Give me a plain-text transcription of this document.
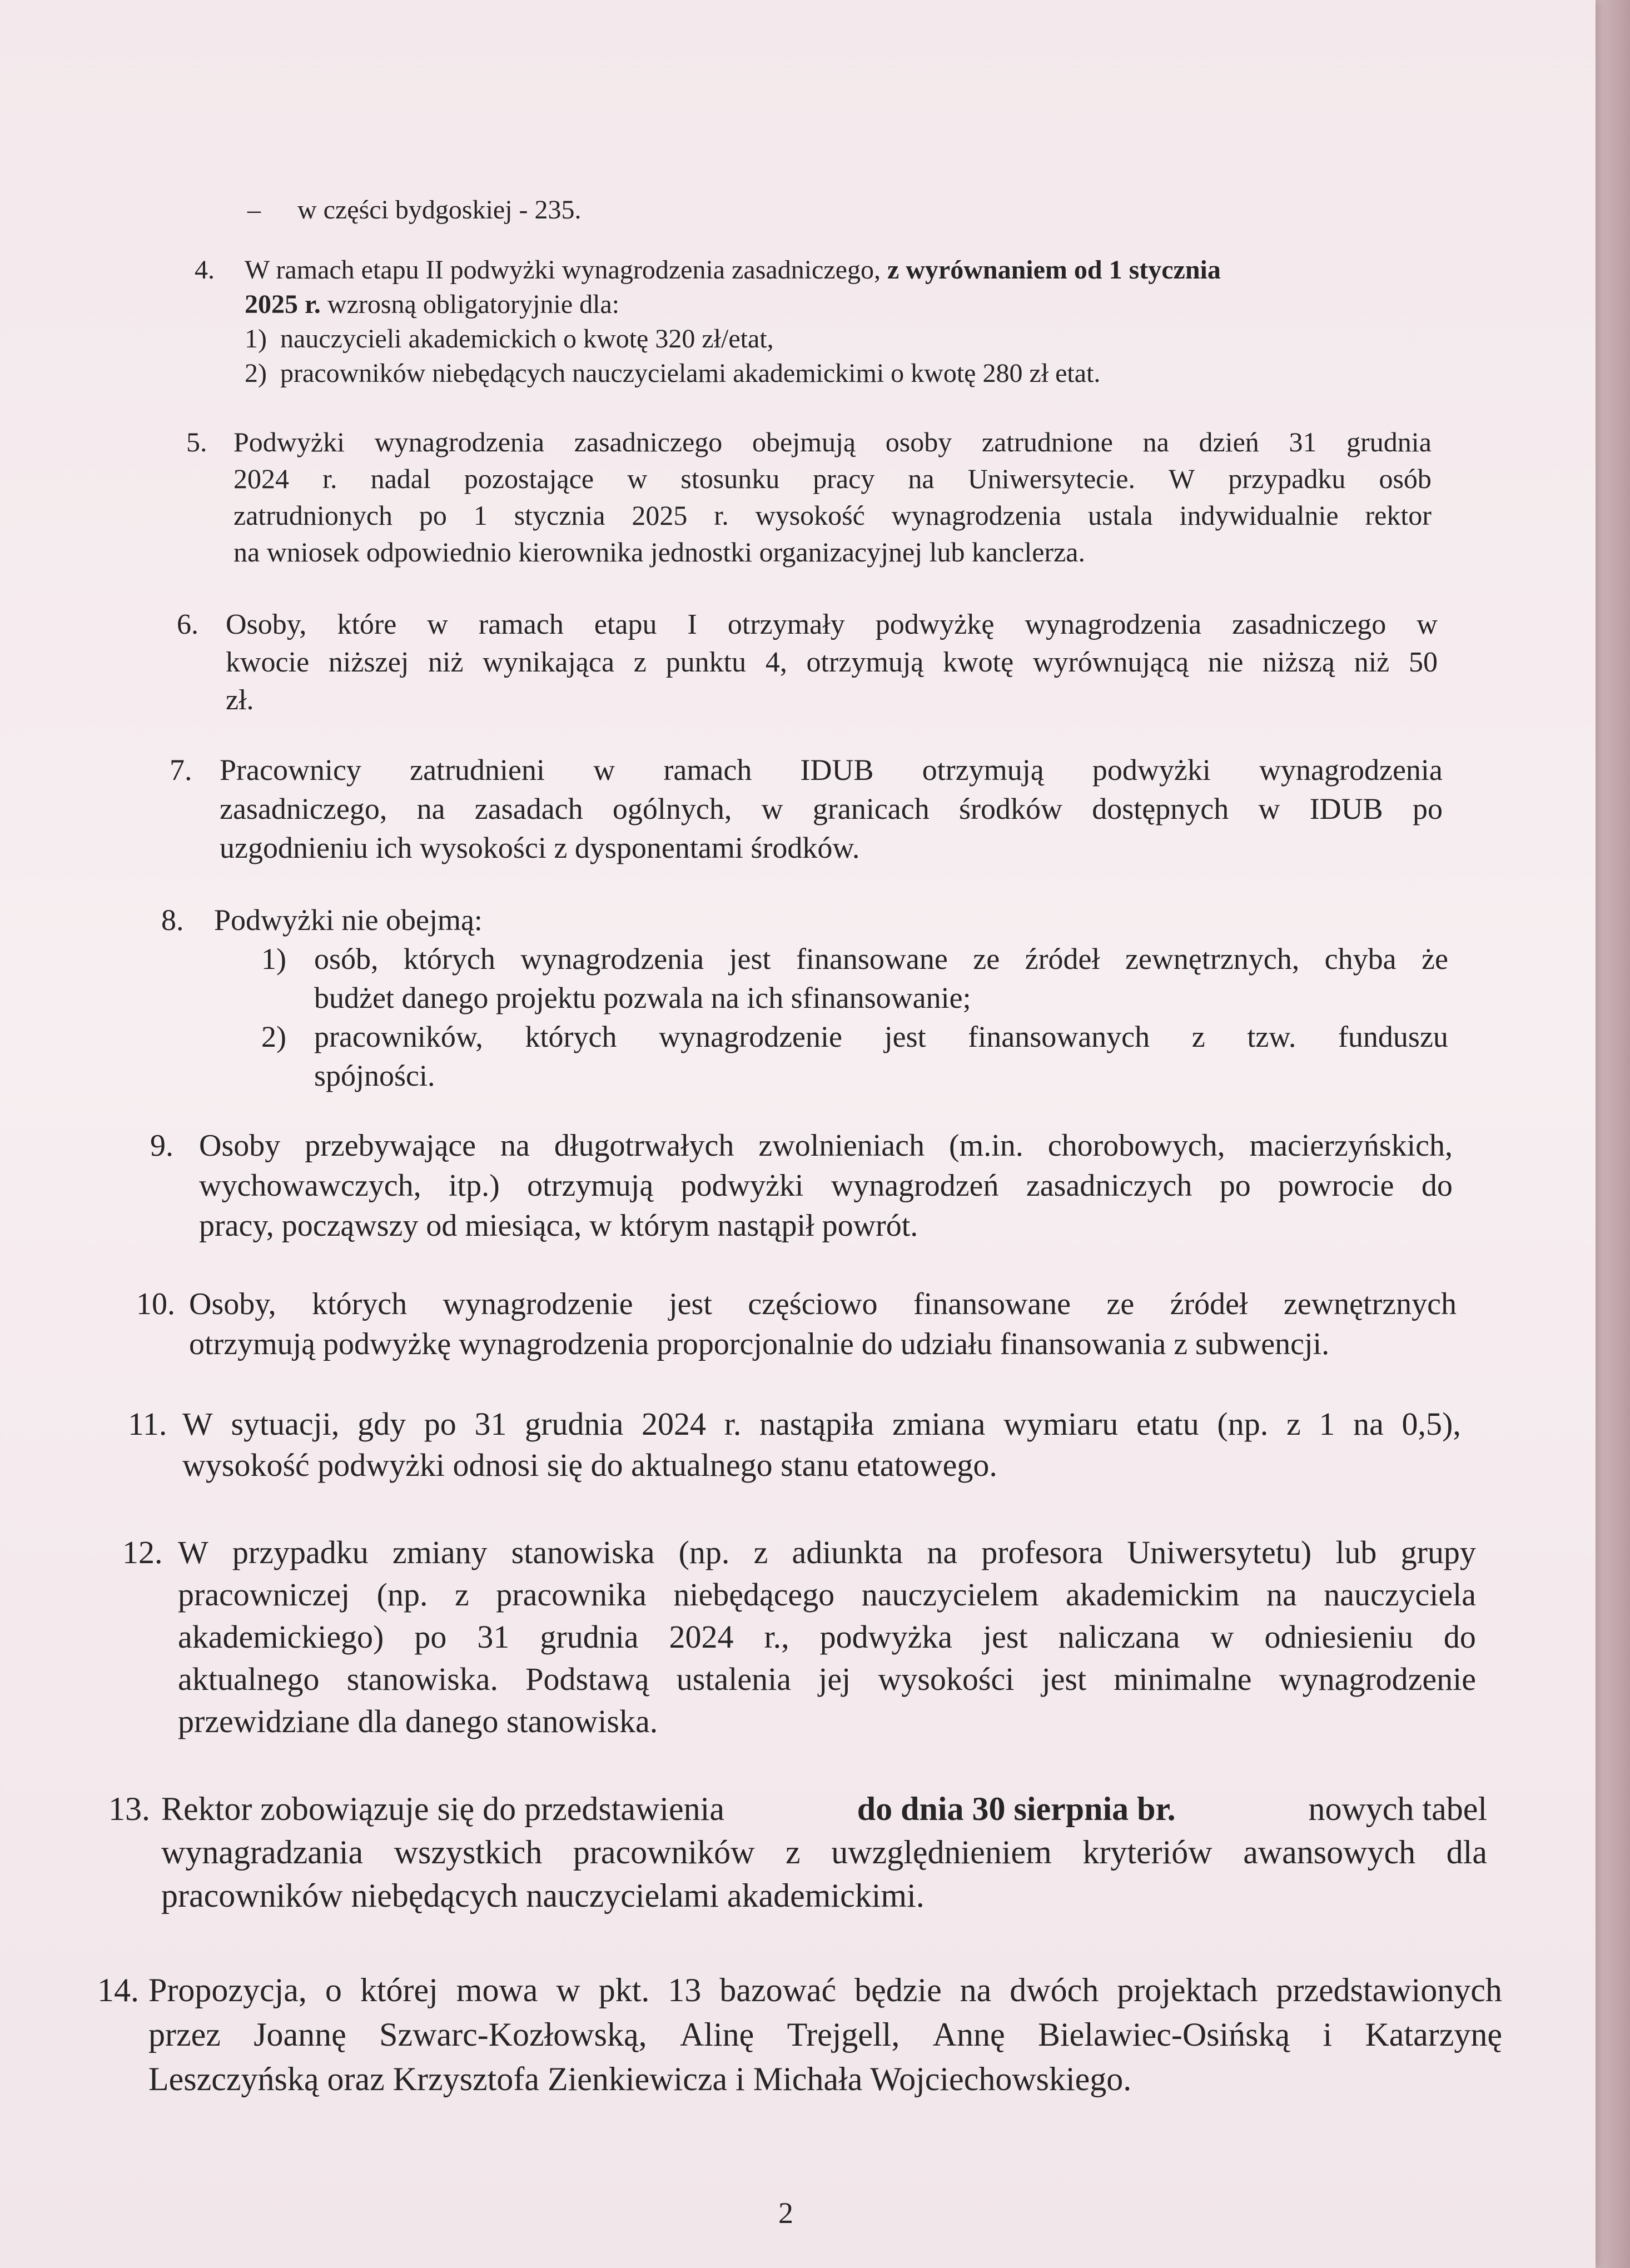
– w części bydgoskiej - 235.
4. W ramach etapu II podwyżki wynagrodzenia zasadniczego, z wyrównaniem od 1 stycznia
2025 r. wzrosną obligatoryjnie dla:
1) nauczycieli akademickich o kwotę 320 zł/etat,
2) pracowników niebędących nauczycielami akademickimi o kwotę 280 zł etat.
5. Podwyżki wynagrodzenia zasadniczego obejmują osoby zatrudnione na dzień 31 grudnia
2024 r. nadal pozostające w stosunku pracy na Uniwersytecie. W przypadku osób
zatrudnionych po 1 stycznia 2025 r. wysokość wynagrodzenia ustala indywidualnie rektor
na wniosek odpowiednio kierownika jednostki organizacyjnej lub kanclerza.
6. Osoby, które w ramach etapu I otrzymały podwyżkę wynagrodzenia zasadniczego w
kwocie niższej niż wynikająca z punktu 4, otrzymują kwotę wyrównującą nie niższą niż 50
zł.
7. Pracownicy zatrudnieni w ramach IDUB otrzymują podwyżki wynagrodzenia
zasadniczego, na zasadach ogólnych, w granicach środków dostępnych w IDUB po
uzgodnieniu ich wysokości z dysponentami środków.
8. Podwyżki nie obejmą:
1) osób, których wynagrodzenia jest finansowane ze źródeł zewnętrznych, chyba że
budżet danego projektu pozwala na ich sfinansowanie;
2) pracowników, których wynagrodzenie jest finansowanych z tzw. funduszu
spójności.
9. Osoby przebywające na długotrwałych zwolnieniach (m.in. chorobowych, macierzyńskich,
wychowawczych, itp.) otrzymują podwyżki wynagrodzeń zasadniczych po powrocie do
pracy, począwszy od miesiąca, w którym nastąpił powrót.
10. Osoby, których wynagrodzenie jest częściowo finansowane ze źródeł zewnętrznych
otrzymują podwyżkę wynagrodzenia proporcjonalnie do udziału finansowania z subwencji.
11. W sytuacji, gdy po 31 grudnia 2024 r. nastąpiła zmiana wymiaru etatu (np. z 1 na 0,5),
wysokość podwyżki odnosi się do aktualnego stanu etatowego.
12. W przypadku zmiany stanowiska (np. z adiunkta na profesora Uniwersytetu) lub grupy
pracowniczej (np. z pracownika niebędącego nauczycielem akademickim na nauczyciela
akademickiego) po 31 grudnia 2024 r., podwyżka jest naliczana w odniesieniu do
aktualnego stanowiska. Podstawą ustalenia jej wysokości jest minimalne wynagrodzenie
przewidziane dla danego stanowiska.
13. Rektor zobowiązuje się do przedstawienia	do dnia 30 sierpnia br.	nowych tabel
wynagradzania wszystkich pracowników z uwzględnieniem kryteriów awansowych dla
pracowników niebędących nauczycielami akademickimi.
14. Propozycja, o której mowa w pkt. 13 bazować będzie na dwóch projektach przedstawionych
przez Joannę Szwarc-Kozłowską, Alinę Trejgell, Annę Bielawiec-Osińską i Katarzynę
Leszczyńską oraz Krzysztofa Zienkiewicza i Michała Wojciechowskiego.
2
